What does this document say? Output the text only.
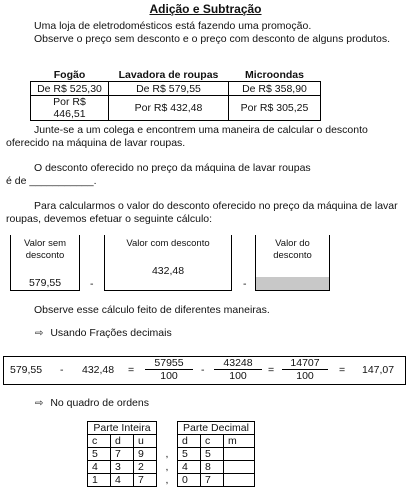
Adição e Subtração
Uma loja de eletrodomésticos está fazendo uma promoção.
Observe o preço sem desconto e o preço com desconto de alguns produtos.
Fogão	Lavadora de roupas	Microondas
De R$ 525,30	De R$ 579,55	De R$ 358,90
Por R$ 446,51	Por R$ 432,48	Por R$ 305,25
Junte-se a um colega e encontrem uma maneira de calcular o desconto oferecido na máquina de lavar roupas.
O desconto oferecido no preço da máquina de lavar roupas
é de ___________.
Para calcularmos o valor do desconto oferecido no preço da máquina de lavar roupas, devemos efetuar o seguinte cálculo:
Valor sem desconto
579,55	-
Valor com desconto
432,48
-
Valor do desconto
Observe esse cálculo feito de diferentes maneiras.
⇨ Usando Frações decimais
$579,55 - 432,48 = \frac{57955}{100} - \frac{43248}{100} = \frac{14707}{100} = 147,07$
⇨ No quadro de ordens
Parte Inteira				Parte Decimal		
c	d	u		d	c	m
5	7	9	,	5	5	
4	3	2	,	4	8	
1	4	7	,	0	7	
